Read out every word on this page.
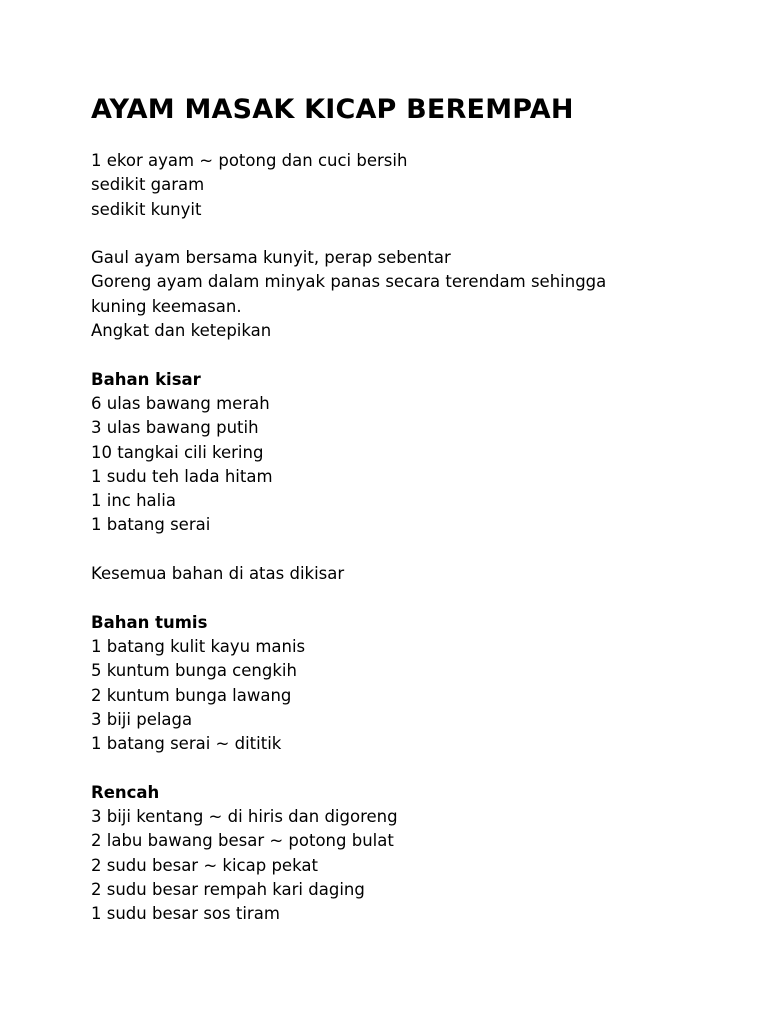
AYAM MASAK KICAP BEREMPAH

1 ekor ayam ~ potong dan cuci bersih

sedikit garam

sedikit kunyit

Gaul ayam bersama kunyit, perap sebentar

Goreng ayam dalam minyak panas secara terendam sehingga

kuning keemasan.

Angkat dan ketepikan

Bahan kisar

6 ulas bawang merah

3 ulas bawang putih

10 tangkai cili kering

1 sudu teh lada hitam

1 inc halia

1 batang serai

Kesemua bahan di atas dikisar

Bahan tumis

1 batang kulit kayu manis

5 kuntum bunga cengkih

2 kuntum bunga lawang

3 biji pelaga

1 batang serai ~ dititik

Rencah

3 biji kentang ~ di hiris dan digoreng

2 labu bawang besar ~ potong bulat

2 sudu besar ~ kicap pekat

2 sudu besar rempah kari daging

1 sudu besar sos tiram
